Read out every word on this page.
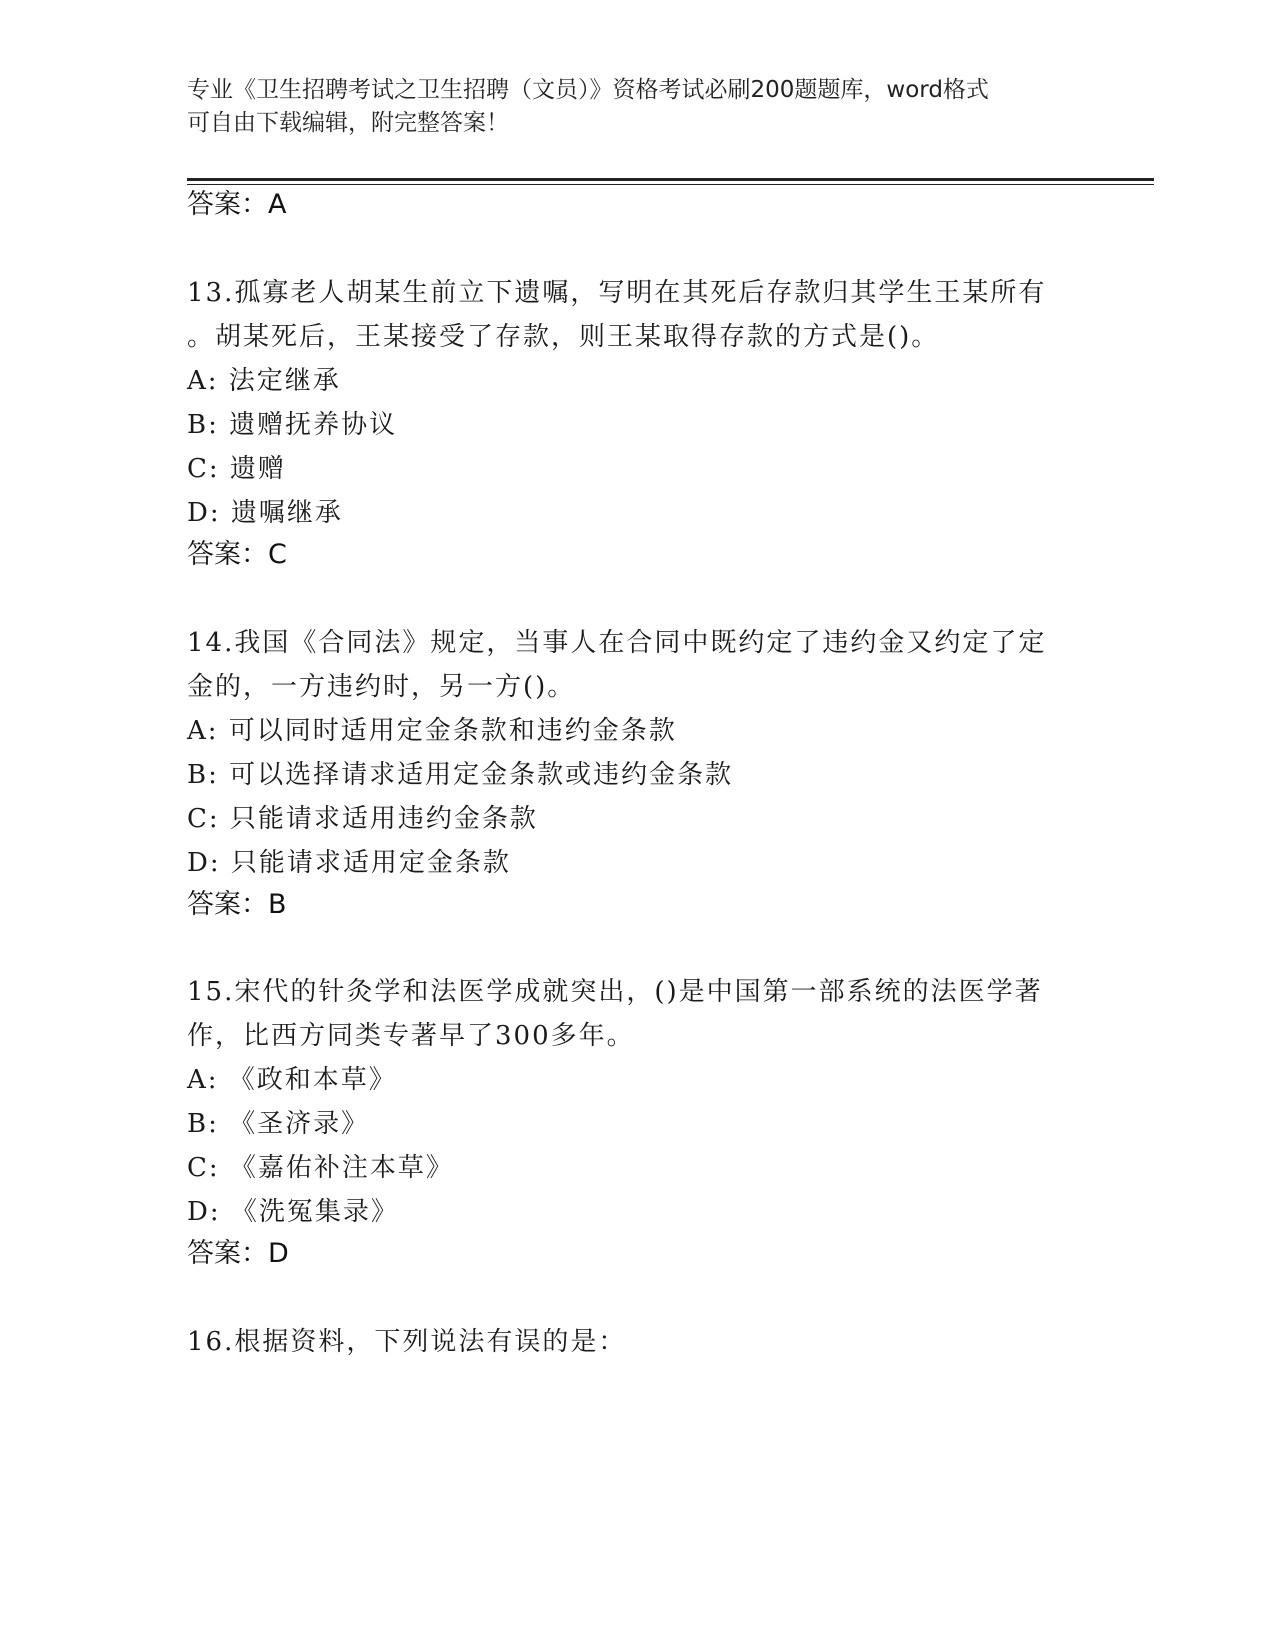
专业《卫生招聘考试之卫生招聘（文员）》资格考试必刷200题题库，word格式
可自由下载编辑，附完整答案！
答案：A
13.孤寡老人胡某生前立下遗嘱，写明在其死后存款归其学生王某所有
。胡某死后，王某接受了存款，则王某取得存款的方式是()。
A: 法定继承
B: 遗赠抚养协议
C: 遗赠
D: 遗嘱继承
答案：C
14.我国《合同法》规定，当事人在合同中既约定了违约金又约定了定
金的，一方违约时，另一方()。
A: 可以同时适用定金条款和违约金条款
B: 可以选择请求适用定金条款或违约金条款
C: 只能请求适用违约金条款
D: 只能请求适用定金条款
答案：B
15.宋代的针灸学和法医学成就突出，()是中国第一部系统的法医学著
作，比西方同类专著早了300多年。
A: 《政和本草》
B: 《圣济录》
C: 《嘉佑补注本草》
D: 《洗冤集录》
答案：D
16.根据资料，下列说法有误的是：
